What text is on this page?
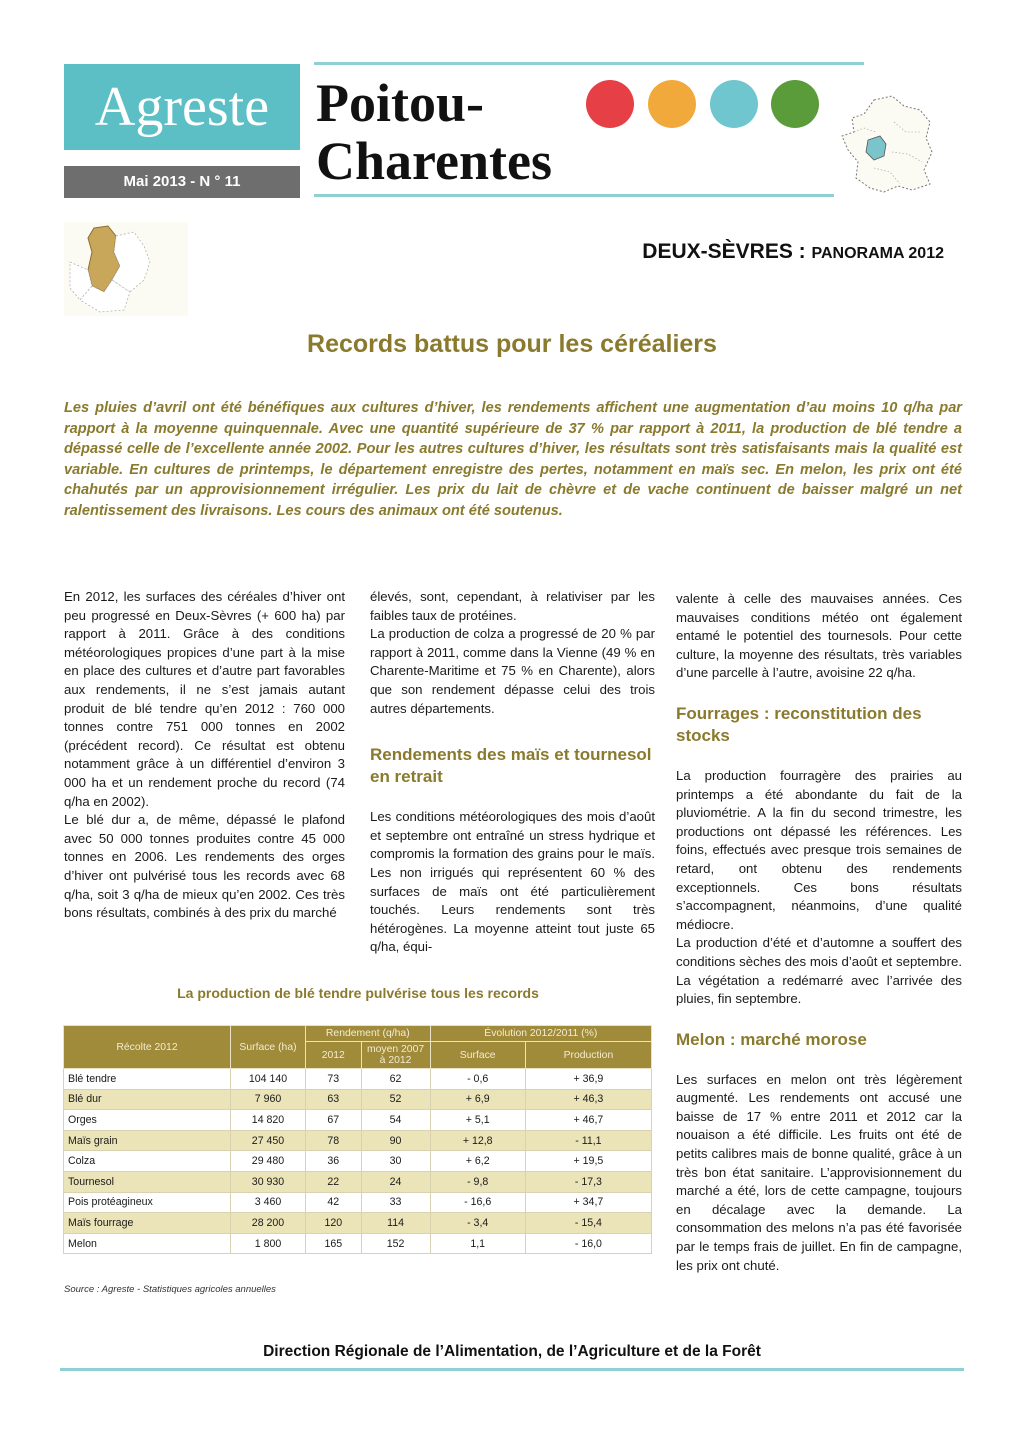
Agreste
Mai 2013 - N ° 11
Poitou-
Charentes
DEUX-SÈVRES : PANORAMA 2012
Records battus pour les céréaliers
Les pluies d’avril ont été bénéfiques aux cultures d’hiver, les rendements affichent une augmentation d’au moins 10 q/ha par rapport à la moyenne quinquennale. Avec une quantité supérieure de 37 % par rapport à 2011, la production de blé tendre a dépassé celle de l’excellente année 2002. Pour les autres cultures d’hiver, les résultats sont très satisfaisants mais la qualité est variable. En cultures de printemps, le département enregistre des pertes, notamment en maïs sec. En melon, les prix ont été chahutés par un approvisionnement irrégulier. Les prix du lait de chèvre et de vache continuent de baisser malgré un net ralentissement des livraisons. Les cours des animaux ont été soutenus.

En 2012, les surfaces des céréales d’hiver ont peu progressé en Deux-Sèvres (+ 600 ha) par rapport à 2011. Grâce à des conditions météorologiques propices d’une part à la mise en place des cultures et d’autre part favorables aux rendements, il ne s’est jamais autant produit de blé tendre qu’en 2012 : 760 000 tonnes contre 751 000 tonnes en 2002 (précédent record). Ce résultat est obtenu notamment grâce à un différentiel d’environ 3 000 ha et un rendement proche du record (74 q/ha en 2002).

Le blé dur a, de même, dépassé le plafond avec 50 000 tonnes produites contre 45 000 tonnes en 2006. Les rendements des orges d’hiver ont pulvérisé tous les records avec 68 q/ha, soit 3 q/ha de mieux qu’en 2002. Ces très bons résultats, combinés à des prix du marché

élevés, sont, cependant, à relativiser par les faibles taux de protéines.

La production de colza a progressé de 20 % par rapport à 2011, comme dans la Vienne (49 % en Charente-Maritime et 75 % en Charente), alors que son rendement dépasse celui des trois autres départements.

Rendements des maïs et tournesol en retrait

Les conditions météorologiques des mois d’août et septembre ont entraîné un stress hydrique et compromis la formation des grains pour le maïs. Les non irrigués qui représentent 60 % des surfaces de maïs ont été particulièrement touchés. Leurs rendements sont très hétérogènes. La moyenne atteint tout juste 65 q/ha, équi-

valente à celle des mauvaises années. Ces mauvaises conditions météo ont également entamé le potentiel des tournesols. Pour cette culture, la moyenne des résultats, très variables d’une parcelle à l’autre, avoisine 22 q/ha.

Fourrages : reconstitution des stocks

La production fourragère des prairies au printemps a été abondante du fait de la pluviométrie. A la fin du second trimestre, les productions ont dépassé les références. Les foins, effectués avec presque trois semaines de retard, ont obtenu des rendements exceptionnels. Ces bons résultats s’accompagnent, néanmoins, d’une qualité médiocre.

La production d’été et d’automne a souffert des conditions sèches des mois d’août et septembre. La végétation a redémarré avec l’arrivée des pluies, fin septembre.

Melon : marché morose

Les surfaces en melon ont très légèrement augmenté. Les rendements ont accusé une baisse de 17 % entre 2011 et 2012 car la nouaison a été difficile. Les fruits ont été de petits calibres mais de bonne qualité, grâce à un très bon état sanitaire. L’approvisionnement du marché a été, lors de cette campagne, toujours en décalage avec la demande. La consommation des melons n’a pas été favorisée par le temps frais de juillet. En fin de campagne, les prix ont chuté.

La production de blé tendre pulvérise tous les records
Récolte 2012	Surface (ha)	Rendement (q/ha)		Évolution 2012/2011 (%)	
		2012	moyen 2007 à 2012	Surface	Production
Blé tendre	104 140	73	62	- 0,6	+ 36,9
Blé dur	7 960	63	52	+ 6,9	+ 46,3
Orges	14 820	67	54	+ 5,1	+ 46,7
Maïs grain	27 450	78	90	+ 12,8	- 11,1
Colza	29 480	36	30	+ 6,2	+ 19,5
Tournesol	30 930	22	24	- 9,8	- 17,3
Pois protéagineux	3 460	42	33	- 16,6	+ 34,7
Maïs fourrage	28 200	120	114	- 3,4	- 15,4
Melon	1 800	165	152	1,1	- 16,0
Source : Agreste - Statistiques agricoles annuelles
Direction Régionale de l’Alimentation, de l’Agriculture et de la Forêt
